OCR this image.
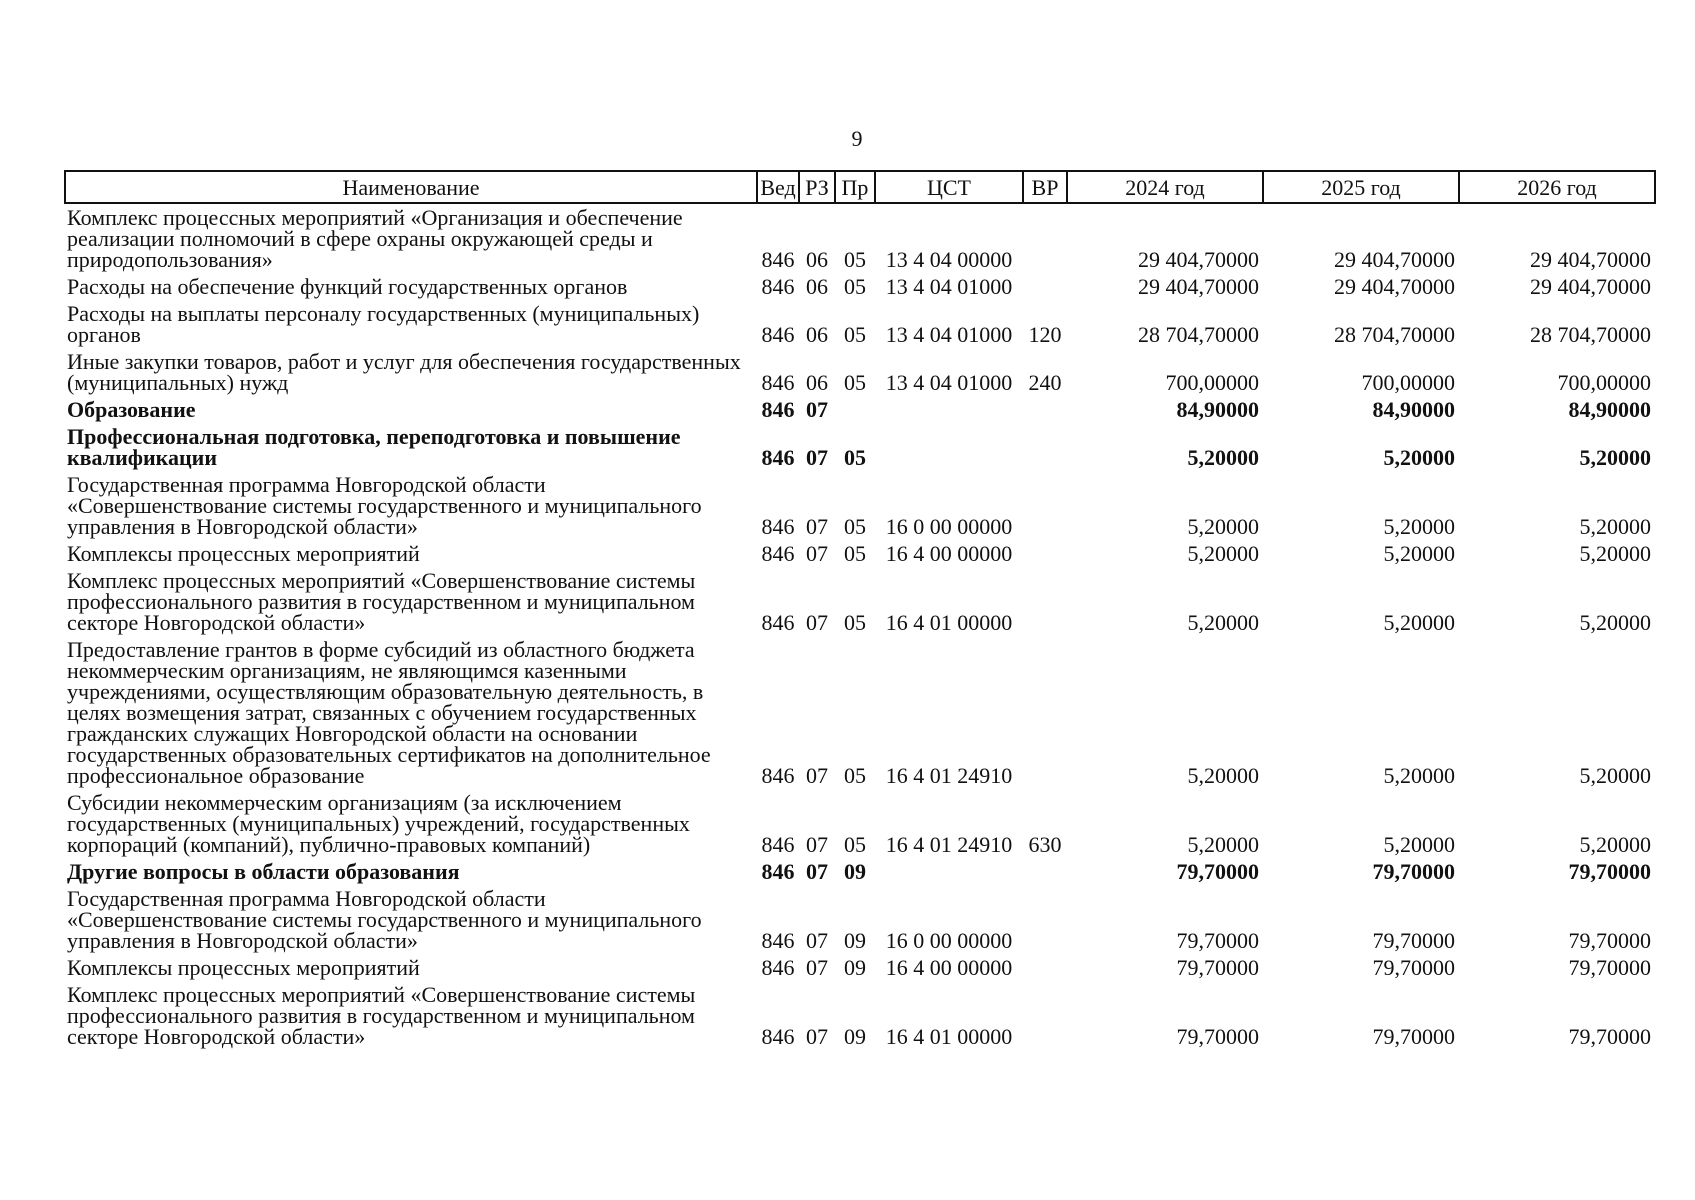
9
Наименование	Вед	РЗ	Пр	ЦСТ	ВР	2024 год	2025 год	2026 год
Комплекс процессных мероприятий «Организация и обеспечение реализации полномочий в сфере охраны окружающей среды и природопользования»	846	06	05	13 4 04 00000		29 404,70000	29 404,70000	29 404,70000
Расходы на обеспечение функций государственных органов	846	06	05	13 4 04 01000		29 404,70000	29 404,70000	29 404,70000
Расходы на выплаты персоналу государственных (муниципальных) органов	846	06	05	13 4 04 01000	120	28 704,70000	28 704,70000	28 704,70000
Иные закупки товаров, работ и услуг для обеспечения государственных (муниципальных) нужд	846	06	05	13 4 04 01000	240	700,00000	700,00000	700,00000
Образование	846	07				84,90000	84,90000	84,90000
Профессиональная подготовка, переподготовка и повышение квалификации	846	07	05			5,20000	5,20000	5,20000
Государственная программа Новгородской области «Совершенствование системы государственного и муниципального управления в Новгородской области»	846	07	05	16 0 00 00000		5,20000	5,20000	5,20000
Комплексы процессных мероприятий	846	07	05	16 4 00 00000		5,20000	5,20000	5,20000
Комплекс процессных мероприятий «Совершенствование системы профессионального развития в государственном и муниципальном секторе Новгородской области»	846	07	05	16 4 01 00000		5,20000	5,20000	5,20000
Предоставление грантов в форме субсидий из областного бюджета некоммерческим организациям, не являющимся казенными учреждениями, осуществляющим образовательную деятельность, в целях возмещения затрат, связанных с обучением государственных гражданских служащих Новгородской области на основании государственных образовательных сертификатов на дополнительное профессиональное образование	846	07	05	16 4 01 24910		5,20000	5,20000	5,20000
Субсидии некоммерческим организациям (за исключением государственных (муниципальных) учреждений, государственных корпораций (компаний), публично-правовых компаний)	846	07	05	16 4 01 24910	630	5,20000	5,20000	5,20000
Другие вопросы в области образования	846	07	09			79,70000	79,70000	79,70000
Государственная программа Новгородской области «Совершенствование системы государственного и муниципального управления в Новгородской области»	846	07	09	16 0 00 00000		79,70000	79,70000	79,70000
Комплексы процессных мероприятий	846	07	09	16 4 00 00000		79,70000	79,70000	79,70000
Комплекс процессных мероприятий «Совершенствование системы профессионального развития в государственном и муниципальном секторе Новгородской области»	846	07	09	16 4 01 00000		79,70000	79,70000	79,70000
